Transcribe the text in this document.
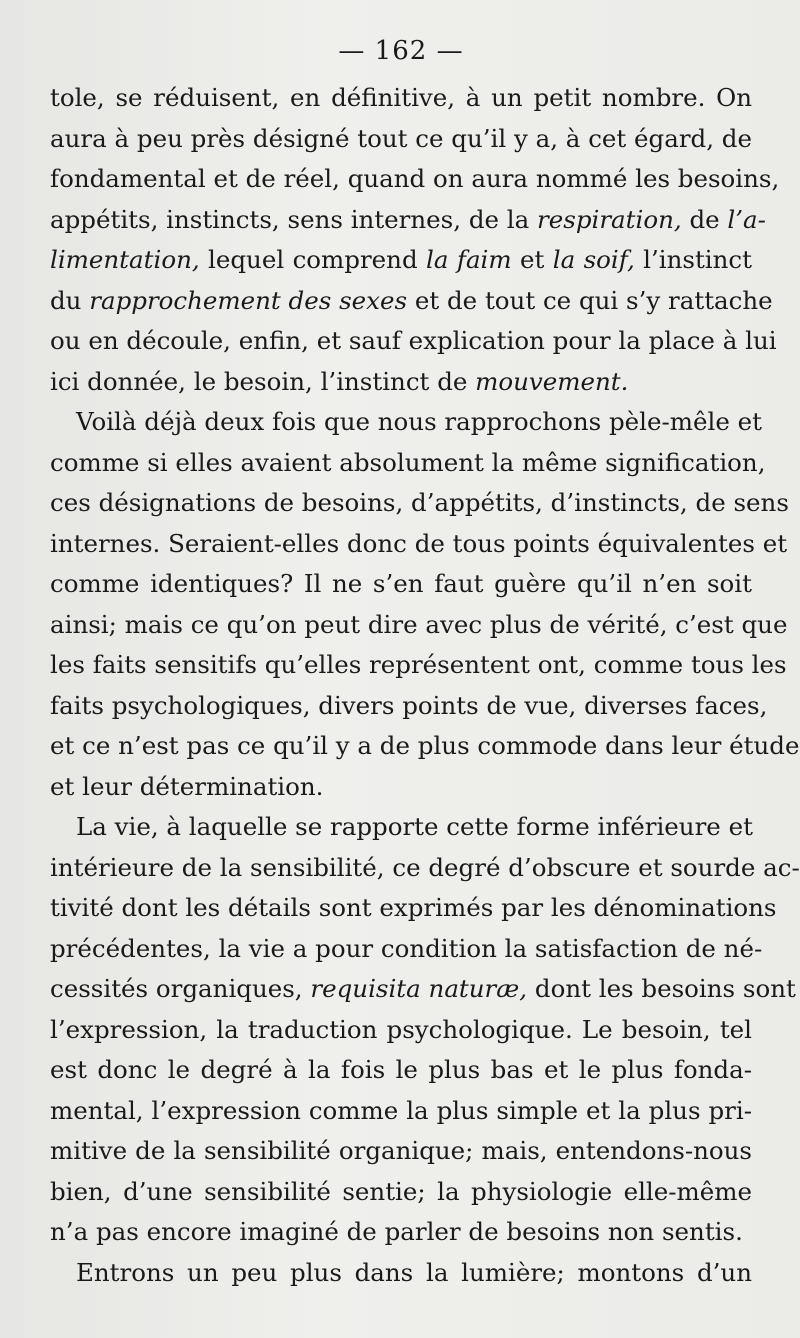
— 162 —
tole, se réduisent, en définitive, à un petit nombre. On
aura à peu près désigné tout ce qu’il y a, à cet égard, de
fondamental et de réel, quand on aura nommé les besoins,
appétits, instincts, sens internes, de la respiration, de l’a-
limentation, lequel comprend la faim et la soif, l’instinct
du rapprochement des sexes et de tout ce qui s’y rattache
ou en découle, enfin, et sauf explication pour la place à lui
ici donnée, le besoin, l’instinct de mouvement.
Voilà déjà deux fois que nous rapprochons pèle-mêle et
comme si elles avaient absolument la même signification,
ces désignations de besoins, d’appétits, d’instincts, de sens
internes. Seraient-elles donc de tous points équivalentes et
comme identiques? Il ne s’en faut guère qu’il n’en soit
ainsi; mais ce qu’on peut dire avec plus de vérité, c’est que
les faits sensitifs qu’elles représentent ont, comme tous les
faits psychologiques, divers points de vue, diverses faces,
et ce n’est pas ce qu’il y a de plus commode dans leur étude
et leur détermination.
La vie, à laquelle se rapporte cette forme inférieure et
intérieure de la sensibilité, ce degré d’obscure et sourde ac-
tivité dont les détails sont exprimés par les dénominations
précédentes, la vie a pour condition la satisfaction de né-
cessités organiques, requisita naturæ, dont les besoins sont
l’expression, la traduction psychologique. Le besoin, tel
est donc le degré à la fois le plus bas et le plus fonda-
mental, l’expression comme la plus simple et la plus pri-
mitive de la sensibilité organique; mais, entendons-nous
bien, d’une sensibilité sentie; la physiologie elle-même
n’a pas encore imaginé de parler de besoins non sentis.
Entrons un peu plus dans la lumière; montons d’un
